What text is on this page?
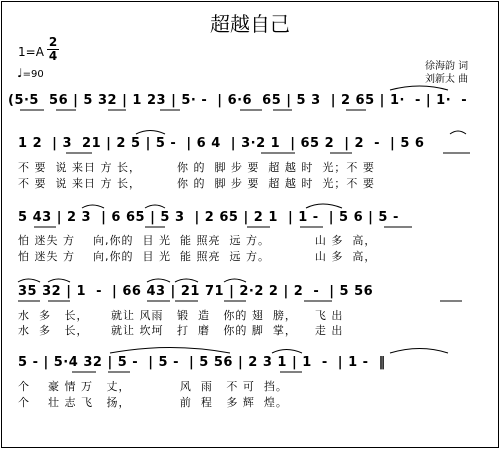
超越自己
1=A
2
4
♩=90
徐海韵 词
刘新太 曲
(5·5  56 | 5 32 | 1 23 | 5· -  | 6·6  65 | 5 3  | 2 65 | 1·  - | 1·  -
1 2  | 3  21 | 2 5 | 5 -  | 6 4  | 3·2 1  | 65 2  | 2  -  | 5 6
不 要  说 来日 方 长，        你 的  脚 步 要  超 越 时  光；不 要
不 要  说 来日 方 长，        你 的  脚 步 要  超 越 时  光；不 要
5 43 | 2 3  | 6 65 | 5 3  | 2 65 | 2 1  | 1 -  | 5 6 | 5 -
怕 迷失 方    向,你的  目 光  能 照亮  远 方。          山 多  高，
怕 迷失 方    向,你的  目 光  能 照亮  远 方。          山 多  高，
35 32 | 1  -  | 66 43 | 21 71 | 2·2 2 | 2  -  | 5 56
水  多   长，     就让 风雨   锻  造   你的 翅  膀，    飞 出
水  多   长，     就让 坎坷   打  磨   你的 脚  掌，    走 出
5 - | 5·4 32 | 5 -  | 5 -  | 5 56 | 2 3 1 | 1  -  | 1 -  ‖
个    豪 情 万   丈，           风  雨   不 可  挡。
个    壮 志 飞   扬，           前  程   多 辉  煌。
